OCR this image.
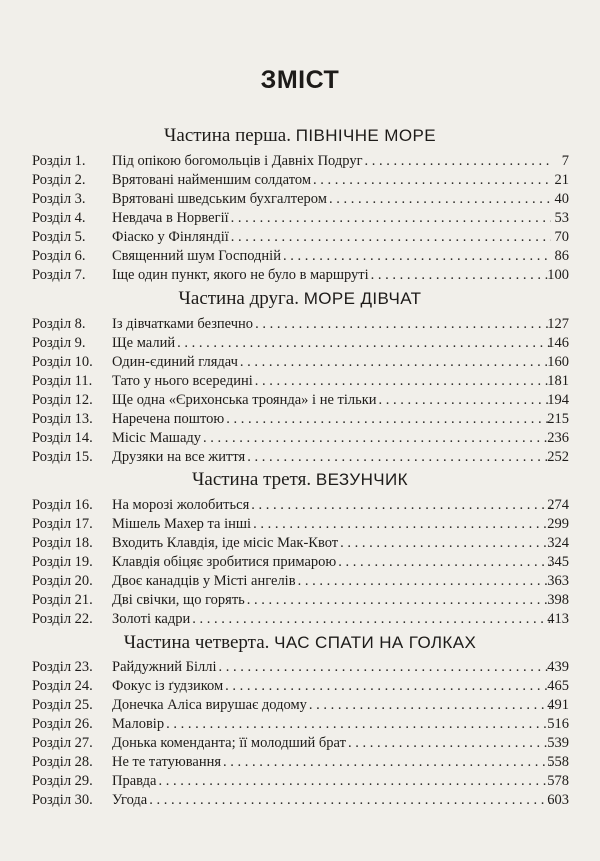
ЗМІСТ
Частина перша. ПІВНІЧНЕ МОРЕ
Розділ 1. Під опікою богомольців і Давніх Подруг . . .	7
Розділ 2. Врятовані найменшим солдатом . . .	21
Розділ 3. Врятовані шведським бухгалтером . . .	40
Розділ 4. Невдача в Норвегії . . .	53
Розділ 5. Фіаско у Фінляндії . . .	70
Розділ 6. Священний шум Господній . . .	86
Розділ 7. Іще один пункт, якого не було в маршруті . . .	100
Частина друга. МОРЕ ДІВЧАТ
Розділ 8. Із дівчатками безпечно . . .	127
Розділ 9. Ще малий . . .	146
Розділ 10. Один-єдиний глядач . . .	160
Розділ 11. Тато у нього всередині . . .	181
Розділ 12. Ще одна «Єрихонська троянда» і не тільки . . .	194
Розділ 13. Наречена поштою . . .	215
Розділ 14. Місіс Машаду . . .	236
Розділ 15. Друзяки на все життя . . .	252
Частина третя. ВЕЗУНЧИК
Розділ 16. На морозі жолобиться . . .	274
Розділ 17. Мішель Махер та інші . . .	299
Розділ 18. Входить Клавдія, іде місіс Мак-Квот . . .	324
Розділ 19. Клавдія обіцяє зробитися примарою . . .	345
Розділ 20. Двоє канадців у Місті ангелів . . .	363
Розділ 21. Дві свічки, що горять . . .	398
Розділ 22. Золоті кадри . . .	413
Частина четверта. ЧАС СПАТИ НА ГОЛКАХ
Розділ 23. Райдужний Біллі . . .	439
Розділ 24. Фокус із ґудзиком . . .	465
Розділ 25. Донечка Аліса вирушає додому . . .	491
Розділ 26. Маловір . . .	516
Розділ 27. Донька коменданта; її молодший брат . . .	539
Розділ 28. Не те татуювання . . .	558
Розділ 29. Правда . . .	578
Розділ 30. Угода . . .	603
